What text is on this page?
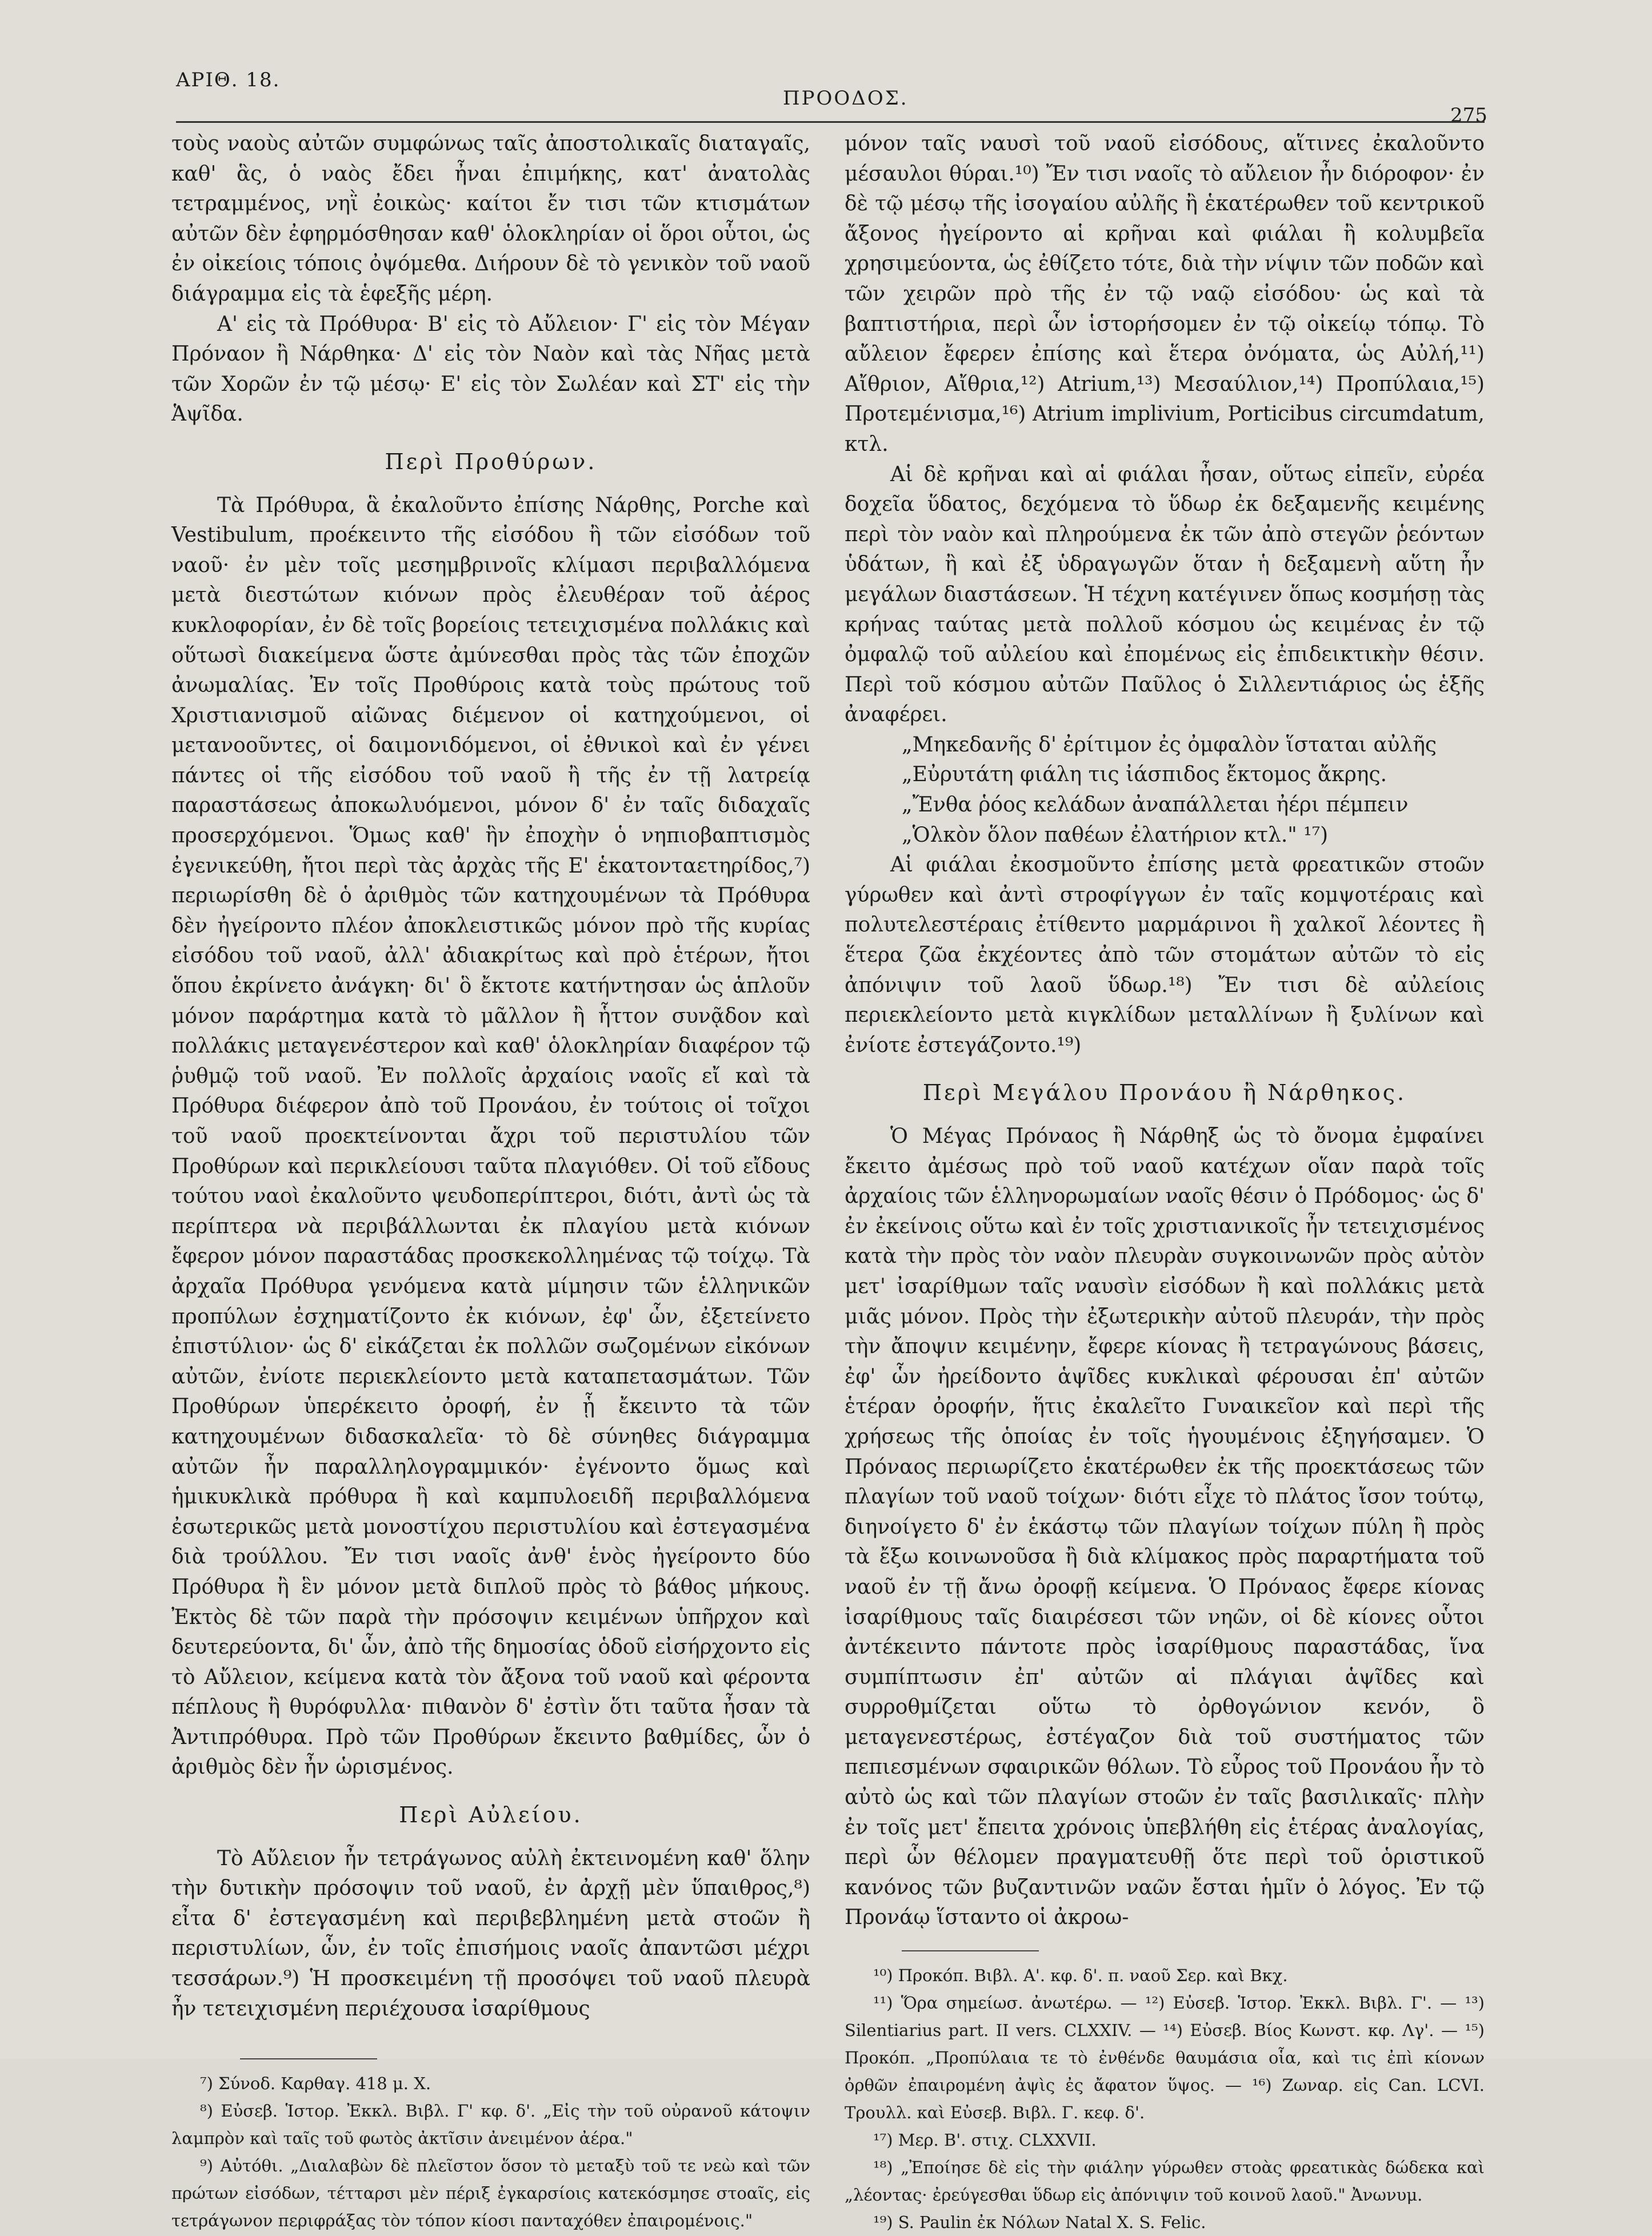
ΑΡΙΘ. 18.
ΠΡΟΟΔΟΣ.
275

τοὺς ναοὺς αὐτῶν συμφώνως ταῖς ἀποστολικαῖς διαταγαῖς, καθ' ἃς, ὁ ναὸς ἔδει ἦναι ἐπιμήκης, κατ' ἀνατολὰς τετραμμένος, νηῒ ἐοικὼς· καίτοι ἔν τισι τῶν κτισμάτων αὐτῶν δὲν ἐφηρμόσθησαν καθ' ὁλοκληρίαν οἱ ὅροι οὗτοι, ὡς ἐν οἰκείοις τόποις ὀψόμεθα. Διήρουν δὲ τὸ γενικὸν τοῦ ναοῦ διάγραμμα εἰς τὰ ἑφεξῆς μέρη.

Α' εἰς τὰ Πρόθυρα· Β' εἰς τὸ Αὔλειον· Γ' εἰς τὸν Μέγαν Πρόναον ἢ Νάρθηκα· Δ' εἰς τὸν Ναὸν καὶ τὰς Νῆας μετὰ τῶν Χορῶν ἐν τῷ μέσῳ· Ε' εἰς τὸν Σωλέαν καὶ ΣΤ' εἰς τὴν Ἁψῖδα.

Περὶ Προθύρων.

Τὰ Πρόθυρα, ἃ ἐκαλοῦντο ἐπίσης Νάρθης, Porche καὶ Vestibulum, προέκειντο τῆς εἰσόδου ἢ τῶν εἰσόδων τοῦ ναοῦ· ἐν μὲν τοῖς μεσημβρινοῖς κλίμασι περιβαλλόμενα μετὰ διεστώτων κιόνων πρὸς ἐλευθέραν τοῦ ἀέρος κυκλοφορίαν, ἐν δὲ τοῖς βορείοις τετειχισμένα πολλάκις καὶ οὕτωσὶ διακείμενα ὥστε ἀμύνεσθαι πρὸς τὰς τῶν ἐποχῶν ἀνωμαλίας. Ἐν τοῖς Προθύροις κατὰ τοὺς πρώτους τοῦ Χριστιανισμοῦ αἰῶνας διέμενον οἱ κατηχούμενοι, οἱ μετανοοῦντες, οἱ δαιμονιδόμενοι, οἱ ἐθνικοὶ καὶ ἐν γένει πάντες οἱ τῆς εἰσόδου τοῦ ναοῦ ἢ τῆς ἐν τῇ λατρείᾳ παραστάσεως ἀποκωλυόμενοι, μόνον δ' ἐν ταῖς διδαχαῖς προσερχόμενοι. Ὅμως καθ' ἣν ἐποχὴν ὁ νηπιοβαπτισμὸς ἐγενικεύθη, ἤτοι περὶ τὰς ἀρχὰς τῆς Ε' ἑκατονταετηρίδος,⁷) περιωρίσθη δὲ ὁ ἀριθμὸς τῶν κατηχουμένων τὰ Πρόθυρα δὲν ἠγείροντο πλέον ἀποκλειστικῶς μόνον πρὸ τῆς κυρίας εἰσόδου τοῦ ναοῦ, ἀλλ' ἀδιακρίτως καὶ πρὸ ἑτέρων, ἤτοι ὅπου ἐκρίνετο ἀνάγκη· δι' ὃ ἔκτοτε κατήντησαν ὡς ἁπλοῦν μόνον παράρτημα κατὰ τὸ μᾶλλον ἢ ἧττον συνᾷδον καὶ πολλάκις μεταγενέστερον καὶ καθ' ὁλοκληρίαν διαφέρον τῷ ῥυθμῷ τοῦ ναοῦ. Ἐν πολλοῖς ἀρχαίοις ναοῖς εἴ καὶ τὰ Πρόθυρα διέφερον ἀπὸ τοῦ Προνάου, ἐν τούτοις οἱ τοῖχοι τοῦ ναοῦ προεκτείνονται ἄχρι τοῦ περιστυλίου τῶν Προθύρων καὶ περικλείουσι ταῦτα πλαγιόθεν. Οἱ τοῦ εἴδους τούτου ναοὶ ἐκαλοῦντο ψευδοπερίπτεροι, διότι, ἀντὶ ὡς τὰ περίπτερα νὰ περιβάλλωνται ἐκ πλαγίου μετὰ κιόνων ἔφερον μόνον παραστάδας προσκεκολλημένας τῷ τοίχῳ. Τὰ ἀρχαῖα Πρόθυρα γενόμενα κατὰ μίμησιν τῶν ἑλληνικῶν προπύλων ἐσχηματίζοντο ἐκ κιόνων, ἐφ' ὧν, ἐξετείνετο ἐπιστύλιον· ὡς δ' εἰκάζεται ἐκ πολλῶν σωζομένων εἰκόνων αὐτῶν, ἐνίοτε περιεκλείοντο μετὰ καταπετασμάτων. Τῶν Προθύρων ὑπερέκειτο ὀροφή, ἐν ᾗ ἔκειντο τὰ τῶν κατηχουμένων διδασκαλεῖα· τὸ δὲ σύνηθες διάγραμμα αὐτῶν ἦν παραλληλογραμμικόν· ἐγένοντο ὅμως καὶ ἡμικυκλικὰ πρόθυρα ἢ καὶ καμπυλοειδῆ περιβαλλόμενα ἐσωτερικῶς μετὰ μονοστίχου περιστυλίου καὶ ἐστεγασμένα διὰ τρούλλου. Ἔν τισι ναοῖς ἀνθ' ἑνὸς ἠγείροντο δύο Πρόθυρα ἢ ἓν μόνον μετὰ διπλοῦ πρὸς τὸ βάθος μήκους. Ἐκτὸς δὲ τῶν παρὰ τὴν πρόσοψιν κειμένων ὑπῆρχον καὶ δευτερεύοντα, δι' ὧν, ἀπὸ τῆς δημοσίας ὁδοῦ εἰσήρχοντο εἰς τὸ Αὔλειον, κείμενα κατὰ τὸν ἄξονα τοῦ ναοῦ καὶ φέροντα πέπλους ἢ θυρόφυλλα· πιθανὸν δ' ἐστὶν ὅτι ταῦτα ἦσαν τὰ Ἀντιπρόθυρα. Πρὸ τῶν Προθύρων ἔκειντο βαθμίδες, ὧν ὁ ἀριθμὸς δὲν ἦν ὡρισμένος.

Περὶ Αὐλείου.

Τὸ Αὔλειον ἦν τετράγωνος αὐλὴ ἐκτεινομένη καθ' ὅλην τὴν δυτικὴν πρόσοψιν τοῦ ναοῦ, ἐν ἀρχῇ μὲν ὕπαιθρος,⁸) εἶτα δ' ἐστεγασμένη καὶ περιβεβλημένη μετὰ στοῶν ἢ περιστυλίων, ὧν, ἐν τοῖς ἐπισήμοις ναοῖς ἀπαντῶσι μέχρι τεσσάρων.⁹) Ἡ προσκειμένη τῇ προσόψει τοῦ ναοῦ πλευρὰ ἦν τετειχισμένη περιέχουσα ἰσαρίθμους

⁷) Σύνοδ. Καρθαγ. 418 μ. Χ.

⁸) Εὐσεβ. Ἱστορ. Ἐκκλ. Βιβλ. Γ' κφ. δ'. „Εἰς τὴν τοῦ οὐρανοῦ κάτοψιν λαμπρὸν καὶ ταῖς τοῦ φωτὸς ἀκτῖσιν ἀνειμένον ἀέρα."

⁹) Αὐτόθι. „Διαλαβὼν δὲ πλεῖστον ὅσον τὸ μεταξὺ τοῦ τε νεὼ καὶ τῶν πρώτων εἰσόδων, τέτταρσι μὲν πέριξ ἐγκαρσίοις κατεκόσμησε στοαῖς, εἰς τετράγωνον περιφράξας τὸν τόπον κίοσι πανταχόθεν ἐπαιρομένοις."

μόνον ταῖς ναυσὶ τοῦ ναοῦ εἰσόδους, αἵτινες ἐκαλοῦντο μέσαυλοι θύραι.¹⁰) Ἔν τισι ναοῖς τὸ αὔλειον ἦν διόροφον· ἐν δὲ τῷ μέσῳ τῆς ἰσογαίου αὐλῆς ἢ ἑκατέρωθεν τοῦ κεντρικοῦ ἄξονος ἠγείροντο αἱ κρῆναι καὶ φιάλαι ἢ κολυμβεῖα χρησιμεύοντα, ὡς ἐθίζετο τότε, διὰ τὴν νίψιν τῶν ποδῶν καὶ τῶν χειρῶν πρὸ τῆς ἐν τῷ ναῷ εἰσόδου· ὡς καὶ τὰ βαπτιστήρια, περὶ ὧν ἱστορήσομεν ἐν τῷ οἰκείῳ τόπῳ. Τὸ αὔλειον ἔφερεν ἐπίσης καὶ ἕτερα ὀνόματα, ὡς Αὐλή,¹¹) Αἴθριον, Αἴθρια,¹²) Atrium,¹³) Μεσαύλιον,¹⁴) Προπύλαια,¹⁵) Προτεμένισμα,¹⁶) Atrium implivium, Porticibus circumdatum, κτλ.

Αἱ δὲ κρῆναι καὶ αἱ φιάλαι ἦσαν, οὕτως εἰπεῖν, εὐρέα δοχεῖα ὕδατος, δεχόμενα τὸ ὕδωρ ἐκ δεξαμενῆς κειμένης περὶ τὸν ναὸν καὶ πληρούμενα ἐκ τῶν ἀπὸ στεγῶν ῥεόντων ὑδάτων, ἢ καὶ ἐξ ὑδραγωγῶν ὅταν ἡ δεξαμενὴ αὕτη ἦν μεγάλων διαστάσεων. Ἡ τέχνη κατέγινεν ὅπως κοσμήσῃ τὰς κρήνας ταύτας μετὰ πολλοῦ κόσμου ὡς κειμένας ἐν τῷ ὀμφαλῷ τοῦ αὐλείου καὶ ἐπομένως εἰς ἐπιδεικτικὴν θέσιν. Περὶ τοῦ κόσμου αὐτῶν Παῦλος ὁ Σιλλεντιάριος ὡς ἑξῆς ἀναφέρει.

„Μηκεδανῆς δ' ἐρίτιμον ἐς ὀμφαλὸν ἵσταται αὐλῆς

„Εὐρυτάτη φιάλη τις ἰάσπιδος ἔκτομος ἄκρης.

„Ἔνθα ῥόος κελάδων ἀναπάλλεται ἠέρι πέμπειν

„Ὁλκὸν ὅλον παθέων ἐλατήριον κτλ." ¹⁷)

Αἱ φιάλαι ἐκοσμοῦντο ἐπίσης μετὰ φρεατικῶν στοῶν γύρωθεν καὶ ἀντὶ στροφίγγων ἐν ταῖς κομψοτέραις καὶ πολυτελεστέραις ἐτίθεντο μαρμάρινοι ἢ χαλκοῖ λέοντες ἢ ἕτερα ζῶα ἐκχέοντες ἀπὸ τῶν στομάτων αὐτῶν τὸ εἰς ἀπόνιψιν τοῦ λαοῦ ὕδωρ.¹⁸) Ἔν τισι δὲ αὐλείοις περιεκλείοντο μετὰ κιγκλίδων μεταλλίνων ἢ ξυλίνων καὶ ἐνίοτε ἐστεγάζοντο.¹⁹)

Περὶ Μεγάλου Προνάου ἢ Νάρθηκος.

Ὁ Μέγας Πρόναος ἢ Νάρθηξ ὡς τὸ ὄνομα ἐμφαίνει ἔκειτο ἀμέσως πρὸ τοῦ ναοῦ κατέχων οἵαν παρὰ τοῖς ἀρχαίοις τῶν ἑλληνορωμαίων ναοῖς θέσιν ὁ Πρόδομος· ὡς δ' ἐν ἐκείνοις οὕτω καὶ ἐν τοῖς χριστιανικοῖς ἦν τετειχισμένος κατὰ τὴν πρὸς τὸν ναὸν πλευρὰν συγκοινωνῶν πρὸς αὐτὸν μετ' ἰσαρίθμων ταῖς ναυσὶν εἰσόδων ἢ καὶ πολλάκις μετὰ μιᾶς μόνον. Πρὸς τὴν ἐξωτερικὴν αὐτοῦ πλευράν, τὴν πρὸς τὴν ἄποψιν κειμένην, ἔφερε κίονας ἢ τετραγώνους βάσεις, ἐφ' ὧν ἠρείδοντο ἁψῖδες κυκλικαὶ φέρουσαι ἐπ' αὐτῶν ἑτέραν ὀροφήν, ἥτις ἐκαλεῖτο Γυναικεῖον καὶ περὶ τῆς χρήσεως τῆς ὁποίας ἐν τοῖς ἡγουμένοις ἐξηγήσαμεν. Ὁ Πρόναος περιωρίζετο ἑκατέρωθεν ἐκ τῆς προεκτάσεως τῶν πλαγίων τοῦ ναοῦ τοίχων· διότι εἶχε τὸ πλάτος ἴσον τούτῳ, διηνοίγετο δ' ἐν ἑκάστῳ τῶν πλαγίων τοίχων πύλη ἢ πρὸς τὰ ἔξω κοινωνοῦσα ἢ διὰ κλίμακος πρὸς παραρτήματα τοῦ ναοῦ ἐν τῇ ἄνω ὀροφῇ κείμενα. Ὁ Πρόναος ἔφερε κίονας ἰσαρίθμους ταῖς διαιρέσεσι τῶν νηῶν, οἱ δὲ κίονες οὗτοι ἀντέκειντο πάντοτε πρὸς ἰσαρίθμους παραστάδας, ἵνα συμπίπτωσιν ἐπ' αὐτῶν αἱ πλάγιαι ἁψῖδες καὶ συρροθμίζεται οὕτω τὸ ὀρθογώνιον κενόν, ὃ μεταγενεστέρως, ἐστέγαζον διὰ τοῦ συστήματος τῶν πεπιεσμένων σφαιρικῶν θόλων. Τὸ εὖρος τοῦ Προνάου ἦν τὸ αὐτὸ ὡς καὶ τῶν πλαγίων στοῶν ἐν ταῖς βασιλικαῖς· πλὴν ἐν τοῖς μετ' ἔπειτα χρόνοις ὑπεβλήθη εἰς ἑτέρας ἀναλογίας, περὶ ὧν θέλομεν πραγματευθῇ ὅτε περὶ τοῦ ὁριστικοῦ κανόνος τῶν βυζαντινῶν ναῶν ἔσται ἡμῖν ὁ λόγος. Ἐν τῷ Προνάῳ ἵσταντο οἱ ἀκροω-

¹⁰) Προκόπ. Βιβλ. Α'. κφ. δ'. π. ναοῦ Σερ. καὶ Βκχ.

¹¹) Ὅρα σημείωσ. ἀνωτέρω. — ¹²) Εὐσεβ. Ἱστορ. Ἐκκλ. Βιβλ. Γ'. — ¹³) Silentiarius part. II vers. CLXXIV. — ¹⁴) Εὐσεβ. Βίος Κωνστ. κφ. Λγ'. — ¹⁵) Προκόπ. „Προπύλαια τε τὸ ἐνθένδε θαυμάσια οἷα, καὶ τις ἐπὶ κίονων ὀρθῶν ἐπαιρομένη ἀψὶς ἐς ἄφατον ὕψος. — ¹⁶) Ζωναρ. εἰς Can. LCVI. Τρουλλ. καὶ Εὐσεβ. Βιβλ. Γ. κεφ. δ'.

¹⁷) Μερ. Β'. στιχ. CLXXVII.

¹⁸) „Ἐποίησε δὲ εἰς τὴν φιάλην γύρωθεν στοὰς φρεατικὰς δώδεκα καὶ „λέοντας· ἐρεύγεσθαι ὕδωρ εἰς ἀπόνιψιν τοῦ κοινοῦ λαοῦ." Ἀνωνυμ.

¹⁹) S. Paulin ἐκ Νόλων Natal X. S. Felic.
